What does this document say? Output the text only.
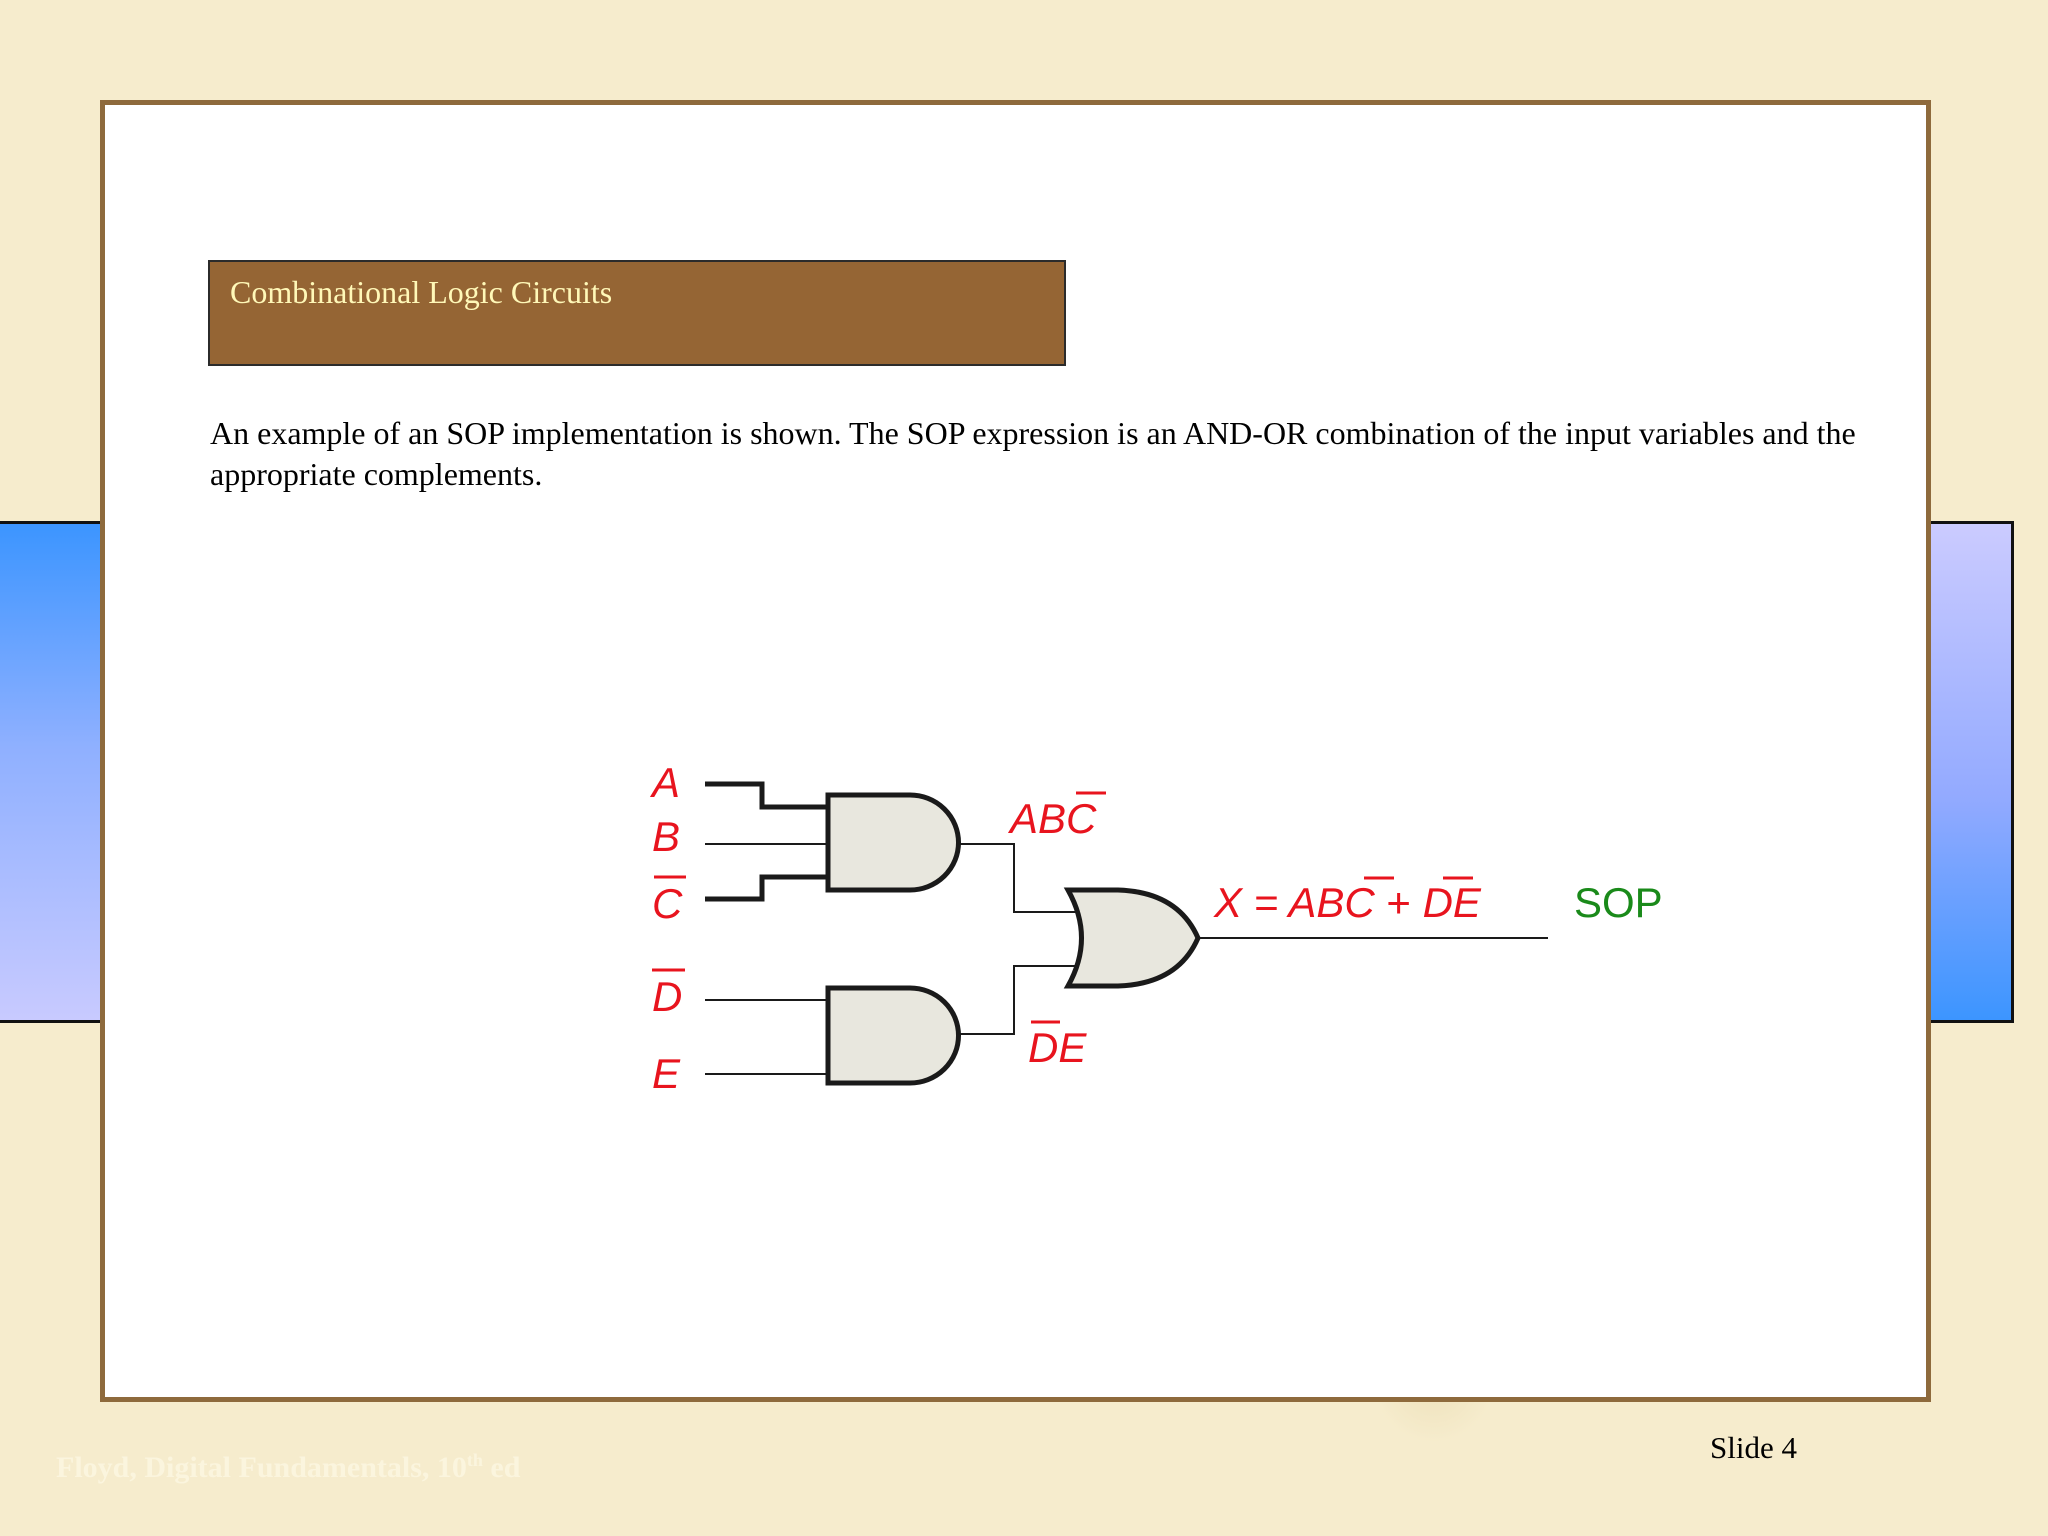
Combinational Logic Circuits
An example of an SOP implementation is shown. The SOP expression is an AND-OR combination of the input variables and the appropriate complements.
A
B
C
D
E
ABC
DE
X = ABC + DE SOP
Slide 4
Floyd, Digital Fundamentals, 10th ed
